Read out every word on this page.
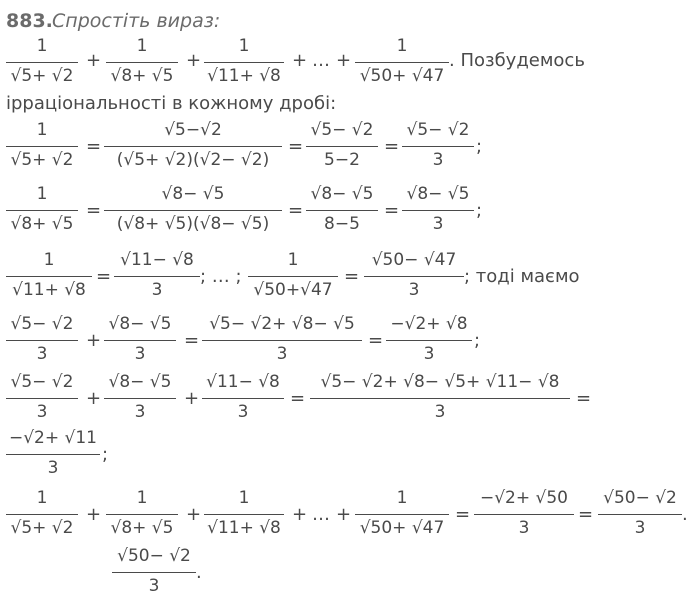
883. Спростіть вираз:
1
√5+ √2
+
1
√8+ √5
+
1
√11+ √8
+ … +
1
√50+ √47
. Позбудемось
ірраціональності в кожному дробі:
1
√5+ √2
=
√5−√2
(√5+ √2)(√2− √2)
=
√5− √2
5−2
=
√5− √2
3
;
1
√8+ √5
=
√8− √5
(√8+ √5)(√8− √5)
=
√8− √5
8−5
=
√8− √5
3
;
1
√11+ √8
=
√11− √8
3
; … ;
1
√50+√47
=
√50− √47
3
; тоді маємо
√5− √2
3
+
√8− √5
3
=
√5− √2+ √8− √5
3
=
−√2+ √8
3
;
√5− √2
3
+
√8− √5
3
+
√11− √8
3
=
√5− √2+ √8− √5+ √11− √8
3
=
−√2+ √11
3
;
1
√5+ √2
+
1
√8+ √5
+
1
√11+ √8
+ … +
1
√50+ √47
=
−√2+ √50
3
=
√50− √2
3
.
√50− √2
3
.
